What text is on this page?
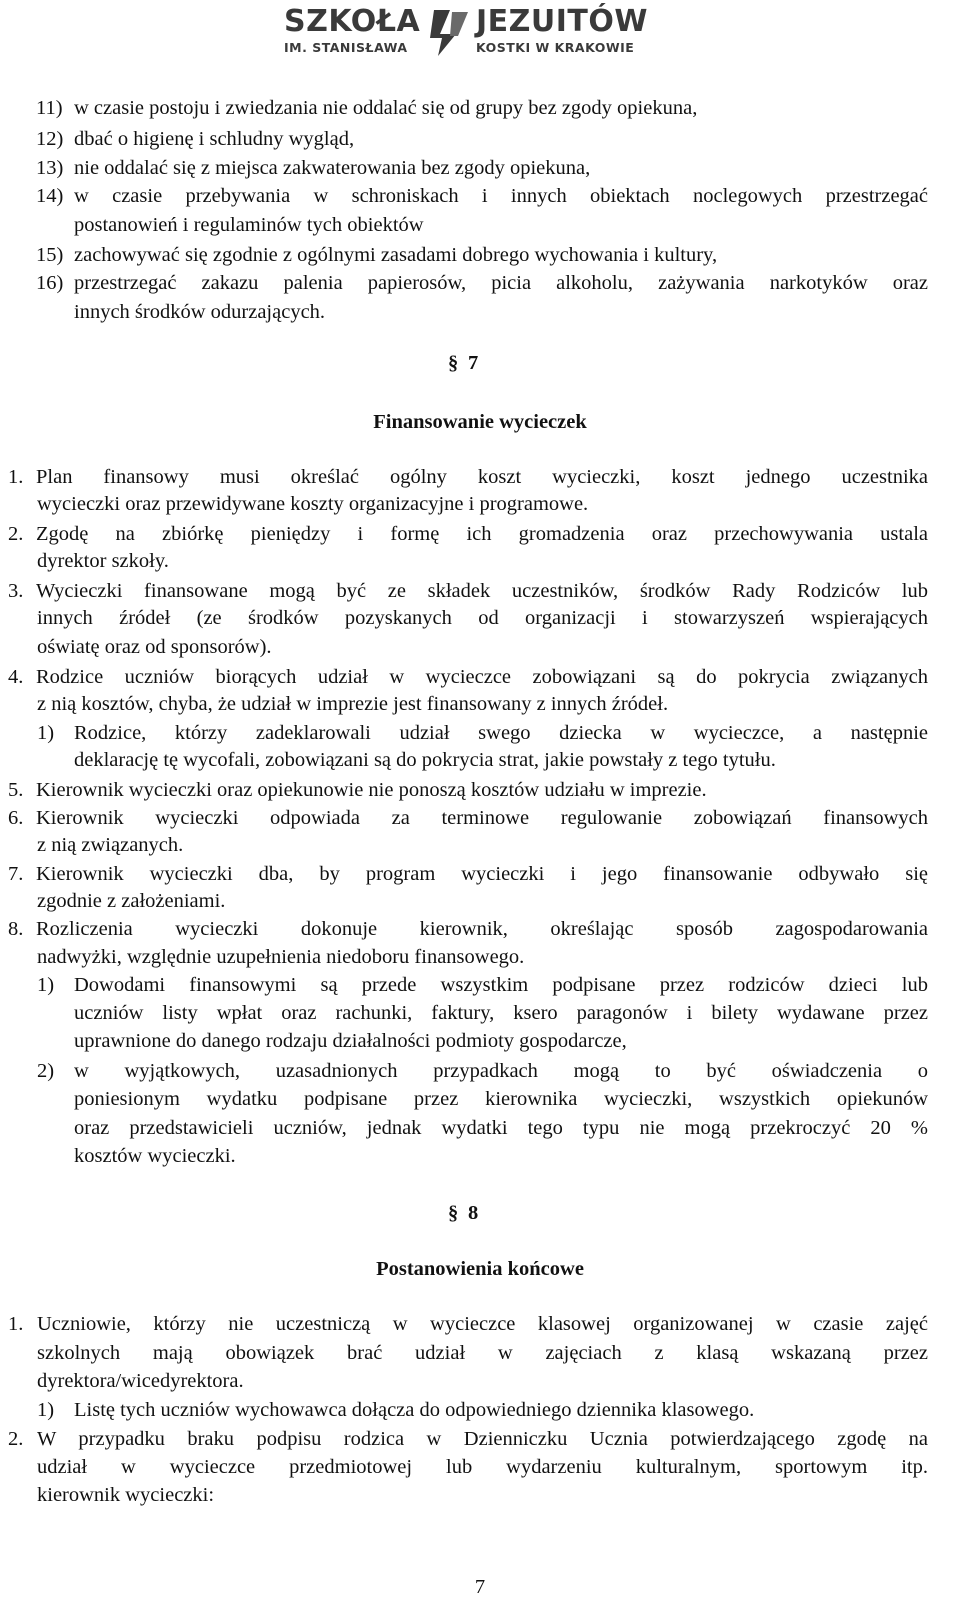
SZKOŁA JEZUITÓW
IM. STANISŁAWA	KOSTKI W KRAKOWIE
11) w czasie postoju i zwiedzania nie oddalać się od grupy bez zgody opiekuna,
12) dbać o higienę i schludny wygląd,
13) nie oddalać się z miejsca zakwaterowania bez zgody opiekuna,
14) w czasie przebywania w schroniskach i innych obiektach noclegowych przestrzegać
postanowień i regulaminów tych obiektów
15) zachowywać się zgodnie z ogólnymi zasadami dobrego wychowania i kultury,
16) przestrzegać zakazu palenia papierosów, picia alkoholu, zażywania narkotyków oraz
innych środków odurzających.
§ 7
Finansowanie wycieczek
1. Plan finansowy musi określać ogólny koszt wycieczki, koszt jednego uczestnika
wycieczki oraz przewidywane koszty organizacyjne i programowe.
2. Zgodę na zbiórkę pieniędzy i formę ich gromadzenia oraz przechowywania ustala
dyrektor szkoły.
3. Wycieczki finansowane mogą być ze składek uczestników, środków Rady Rodziców lub
innych źródeł (ze środków pozyskanych od organizacji i stowarzyszeń wspierających
oświatę oraz od sponsorów).
4. Rodzice uczniów biorących udział w wycieczce zobowiązani są do pokrycia związanych
z nią kosztów, chyba, że udział w imprezie jest finansowany z innych źródeł.
1) Rodzice, którzy zadeklarowali udział swego dziecka w wycieczce, a następnie
deklarację tę wycofali, zobowiązani są do pokrycia strat, jakie powstały z tego tytułu.
5. Kierownik wycieczki oraz opiekunowie nie ponoszą kosztów udziału w imprezie.
6. Kierownik wycieczki odpowiada za terminowe regulowanie zobowiązań finansowych
z nią związanych.
7. Kierownik wycieczki dba, by program wycieczki i jego finansowanie odbywało się
zgodnie z założeniami.
8. Rozliczenia wycieczki dokonuje kierownik, określając sposób zagospodarowania
nadwyżki, względnie uzupełnienia niedoboru finansowego.
1) Dowodami finansowymi są przede wszystkim podpisane przez rodziców dzieci lub
uczniów listy wpłat oraz rachunki, faktury, ksero paragonów i bilety wydawane przez
uprawnione do danego rodzaju działalności podmioty gospodarcze,
2) w wyjątkowych, uzasadnionych przypadkach mogą to być oświadczenia o
poniesionym wydatku podpisane przez kierownika wycieczki, wszystkich opiekunów
oraz przedstawicieli uczniów, jednak wydatki tego typu nie mogą przekroczyć 20 %
kosztów wycieczki.
§ 8
Postanowienia końcowe
1. Uczniowie, którzy nie uczestniczą w wycieczce klasowej organizowanej w czasie zajęć
szkolnych mają obowiązek brać udział w zajęciach z klasą wskazaną przez
dyrektora/wicedyrektora.
1) Listę tych uczniów wychowawca dołącza do odpowiedniego dziennika klasowego.
2. W przypadku braku podpisu rodzica w Dzienniczku Ucznia potwierdzającego zgodę na
udział w wycieczce przedmiotowej lub wydarzeniu kulturalnym, sportowym itp.
kierownik wycieczki:
7
